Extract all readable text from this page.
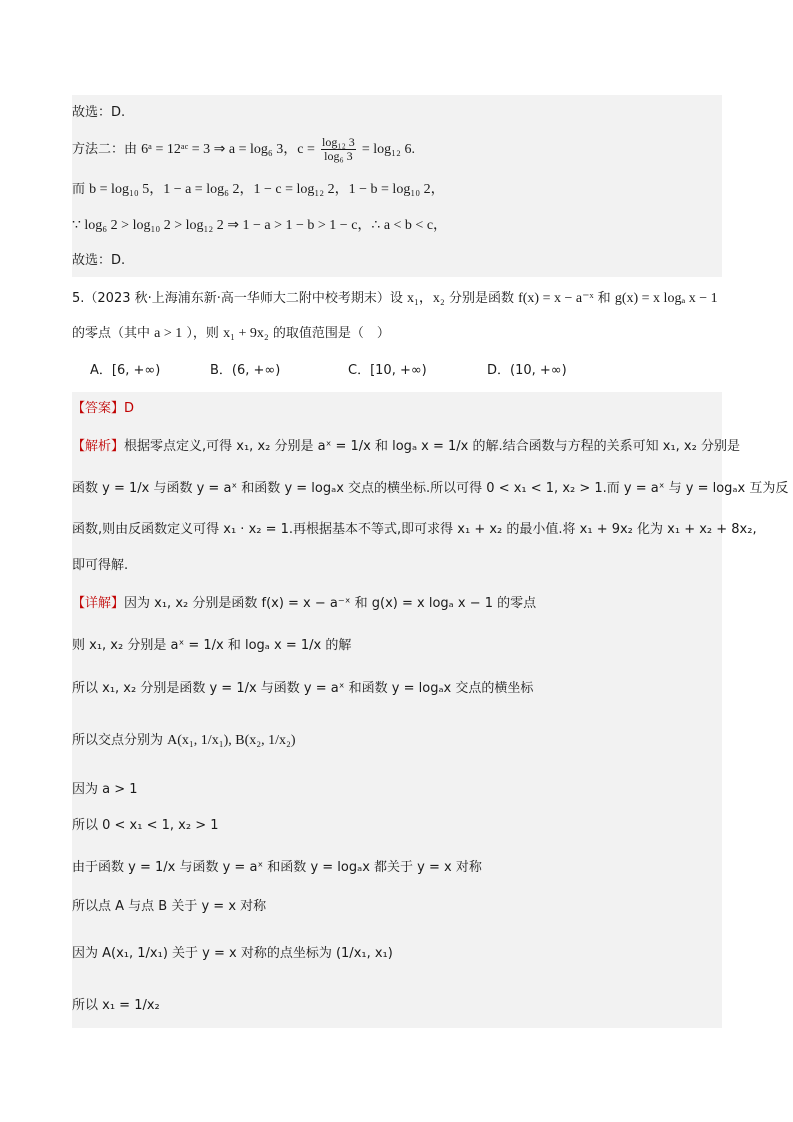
故选：D.
方法二：由 6ᵃ = 12ᵃᶜ = 3 ⇒ a = log₆ 3，$c = \frac{\text{log₁₂ 3}}{\text{log₆ 3}} = \log_{12}$ 6.
而 b = log₁₀ 5，1 − a = log₆ 2，1 − c = log₁₂ 2，1 − b = log₁₀ 2，
∵ log₆ 2 > log₁₀ 2 > log₁₂ 2 ⇒ 1 − a > 1 − b > 1 − c，∴ a < b < c，
故选：D.
5.（2023 秋·上海浦东新·高一华师大二附中校考期末）设 x₁，x₂ 分别是函数 f(x) = x − a⁻ˣ 和 g(x) = x logₐ x − 1
的零点（其中 a > 1 ），则 x₁ + 9x₂ 的取值范围是（　）
A．[6, +∞)	B．(6, +∞)	C．[10, +∞)	D．(10, +∞)
【答案】D
【解析】根据零点定义,可得 x₁, x₂ 分别是 aˣ = 1/x 和 logₐ x = 1/x 的解.结合函数与方程的关系可知 x₁, x₂ 分别是
函数 y = 1/x 与函数 y = aˣ 和函数 y = logₐx 交点的横坐标.所以可得 0 < x₁ < 1, x₂ > 1.而 y = aˣ 与 y = logₐx 互为反
函数,则由反函数定义可得 x₁ · x₂ = 1.再根据基本不等式,即可求得 x₁ + x₂ 的最小值.将 x₁ + 9x₂ 化为 x₁ + x₂ + 8x₂,
即可得解.
【详解】因为 x₁, x₂ 分别是函数 f(x) = x − a⁻ˣ 和 g(x) = x logₐ x − 1 的零点
则 x₁, x₂ 分别是 aˣ = 1/x 和 logₐ x = 1/x 的解
所以 x₁, x₂ 分别是函数 y = 1/x 与函数 y = aˣ 和函数 y = logₐx 交点的横坐标
所以交点分别为 A(x₁, 1/x₁), B(x₂, 1/x₂)
因为 a > 1
所以 0 < x₁ < 1, x₂ > 1
由于函数 y = 1/x 与函数 y = aˣ 和函数 y = logₐx 都关于 y = x 对称
所以点 A 与点 B 关于 y = x 对称
因为 A(x₁, 1/x₁) 关于 y = x 对称的点坐标为 (1/x₁, x₁)
所以 x₁ = 1/x₂
